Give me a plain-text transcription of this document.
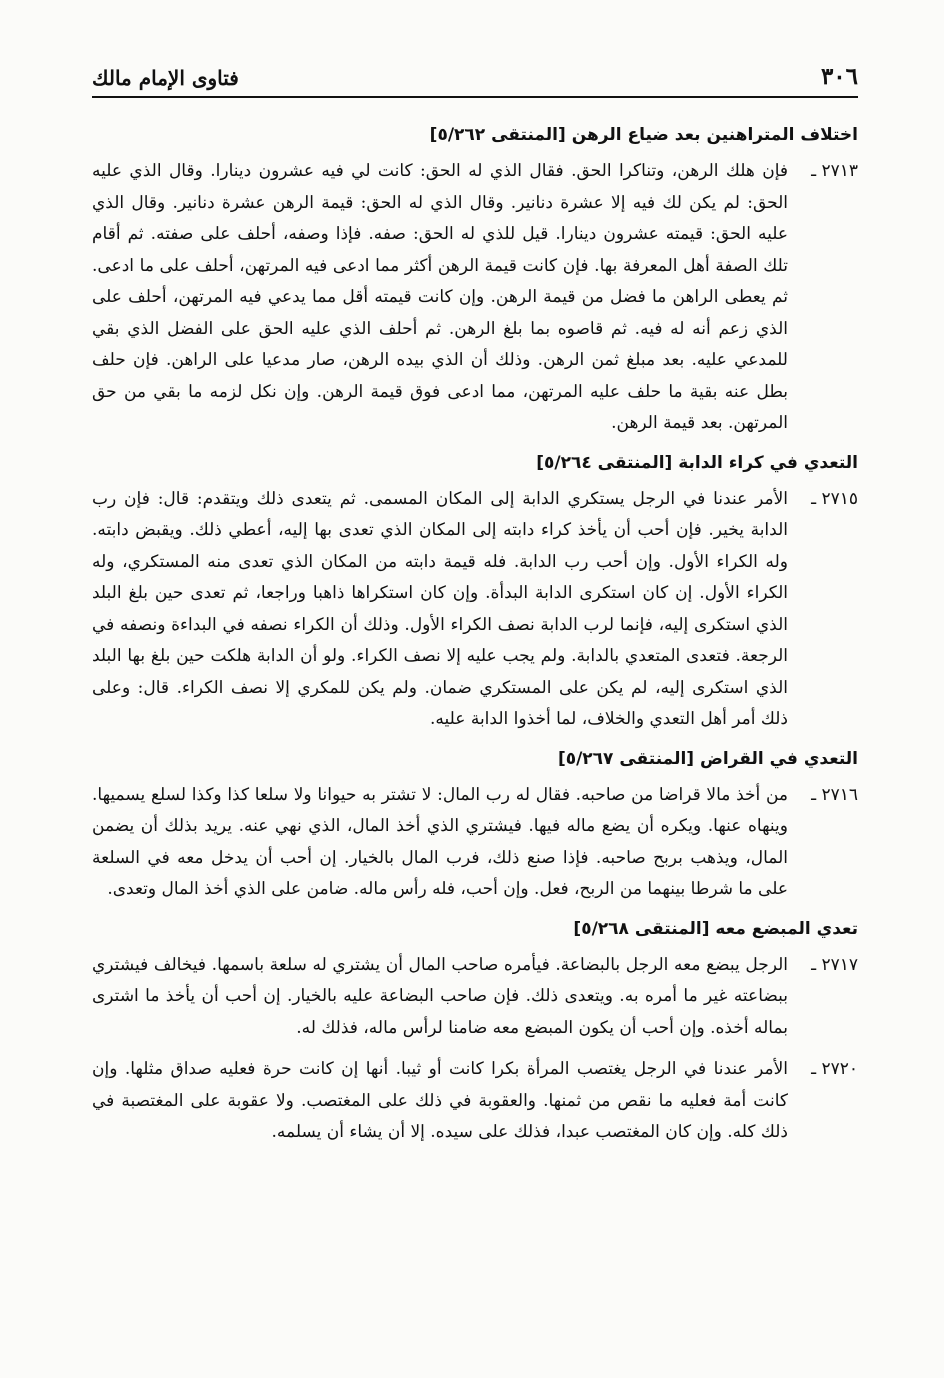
٣٠٦
فتاوى الإمام مالك
اختلاف المتراهنين بعد ضياع الرهن [المنتقى ٥/٢٦٢]
٢٧١٣ ـ
فإن هلك الرهن، وتناكرا الحق. فقال الذي له الحق: كانت لي فيه عشرون دينارا. وقال الذي عليه الحق: لم يكن لك فيه إلا عشرة دنانير. وقال الذي له الحق: قيمة الرهن عشرة دنانير. وقال الذي عليه الحق: قيمته عشرون دينارا. قيل للذي له الحق: صفه. فإذا وصفه، أحلف على صفته. ثم أقام تلك الصفة أهل المعرفة بها. فإن كانت قيمة الرهن أكثر مما ادعى فيه المرتهن، أحلف على ما ادعى. ثم يعطى الراهن ما فضل من قيمة الرهن. وإن كانت قيمته أقل مما يدعي فيه المرتهن، أحلف على الذي زعم أنه له فيه. ثم قاصوه بما بلغ الرهن. ثم أحلف الذي عليه الحق على الفضل الذي بقي للمدعي عليه. بعد مبلغ ثمن الرهن. وذلك أن الذي بيده الرهن، صار مدعيا على الراهن. فإن حلف بطل عنه بقية ما حلف عليه المرتهن، مما ادعى فوق قيمة الرهن. وإن نكل لزمه ما بقي من حق المرتهن. بعد قيمة الرهن.
التعدي في كراء الدابة [المنتقى ٥/٢٦٤]
٢٧١٥ ـ
الأمر عندنا في الرجل يستكري الدابة إلى المكان المسمى. ثم يتعدى ذلك ويتقدم: قال: فإن رب الدابة يخير. فإن أحب أن يأخذ كراء دابته إلى المكان الذي تعدى بها إليه، أعطي ذلك. ويقبض دابته. وله الكراء الأول. وإن أحب رب الدابة. فله قيمة دابته من المكان الذي تعدى منه المستكري، وله الكراء الأول. إن كان استكرى الدابة البدأة. وإن كان استكراها ذاهبا وراجعا، ثم تعدى حين بلغ البلد الذي استكرى إليه، فإنما لرب الدابة نصف الكراء الأول. وذلك أن الكراء نصفه في البداءة ونصفه في الرجعة. فتعدى المتعدي بالدابة. ولم يجب عليه إلا نصف الكراء. ولو أن الدابة هلكت حين بلغ بها البلد الذي استكرى إليه، لم يكن على المستكري ضمان. ولم يكن للمكري إلا نصف الكراء. قال: وعلى ذلك أمر أهل التعدي والخلاف، لما أخذوا الدابة عليه.
التعدي في القراض [المنتقى ٥/٢٦٧]
٢٧١٦ ـ
من أخذ مالا قراضا من صاحبه. فقال له رب المال: لا تشتر به حيوانا ولا سلعا كذا وكذا لسلع يسميها. وينهاه عنها. ويكره أن يضع ماله فيها. فيشتري الذي أخذ المال، الذي نهي عنه. يريد بذلك أن يضمن المال، ويذهب بربح صاحبه. فإذا صنع ذلك، فرب المال بالخيار. إن أحب أن يدخل معه في السلعة على ما شرطا بينهما من الربح، فعل. وإن أحب، فله رأس ماله. ضامن على الذي أخذ المال وتعدى.
تعدي المبضع معه [المنتقى ٥/٢٦٨]
٢٧١٧ ـ
الرجل يبضع معه الرجل بالبضاعة. فيأمره صاحب المال أن يشتري له سلعة باسمها. فيخالف فيشتري ببضاعته غير ما أمره به. ويتعدى ذلك. فإن صاحب البضاعة عليه بالخيار. إن أحب أن يأخذ ما اشترى بماله أخذه. وإن أحب أن يكون المبضع معه ضامنا لرأس ماله، فذلك له.
٢٧٢٠ ـ
الأمر عندنا في الرجل يغتصب المرأة بكرا كانت أو ثيبا. أنها إن كانت حرة فعليه صداق مثلها. وإن كانت أمة فعليه ما نقص من ثمنها. والعقوبة في ذلك على المغتصب. ولا عقوبة على المغتصبة في ذلك كله. وإن كان المغتصب عبدا، فذلك على سيده. إلا أن يشاء أن يسلمه.
